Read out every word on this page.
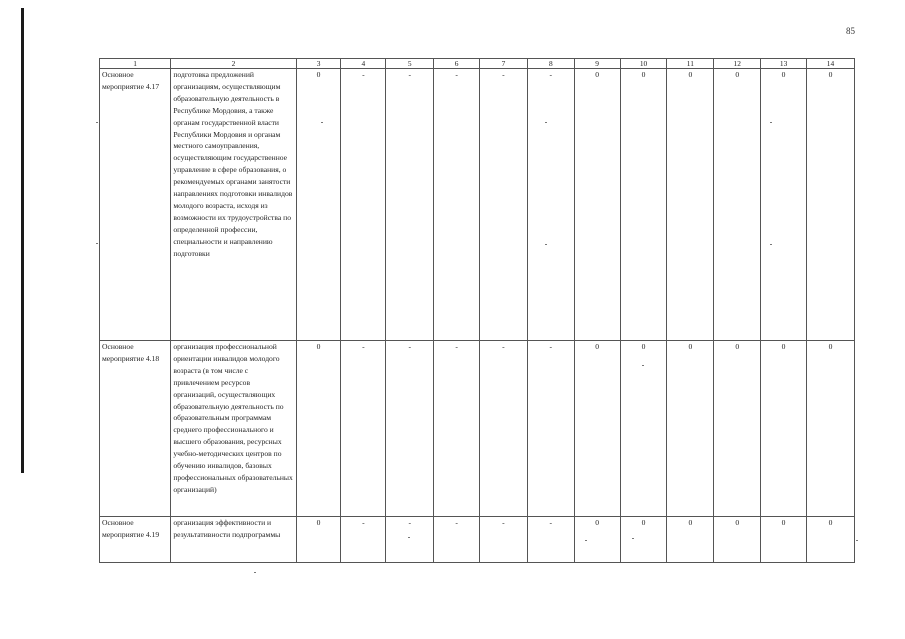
85
1	2	3	4	5	6	7	8	9	10	11	12	13	14
Основное мероприятие 4.17	подготовка предложений организациям, осуществляющим образовательную деятельность в Республике Мордовия, а также органам государственной власти Республики Мордовия и органам местного самоуправления, осуществляющим государственное управление в сфере образования, о рекомендуемых органами занятости направлениях подготовки инвалидов молодого возраста, исходя из возможности их трудоустройства по определенной профессии, специальности и направлению подготовки	0	-	-	-	-	-	0	0	0	0	0	0
Основное мероприятие 4.18	организация профессиональной ориентации инвалидов молодого возраста (в том числе с привлечением ресурсов организаций, осуществляющих образовательную деятельность по образовательным программам среднего профессионального и высшего образования, ресурсных учебно-методических центров по обучению инвалидов, базовых профессиональных образовательных организаций)	0	-	-	-	-	-	0	0	0	0	0	0
Основное мероприятие 4.19	организация эффективности и результативности подпрограммы	0	-	-	-	-	-	0	0	0	0	0	0
